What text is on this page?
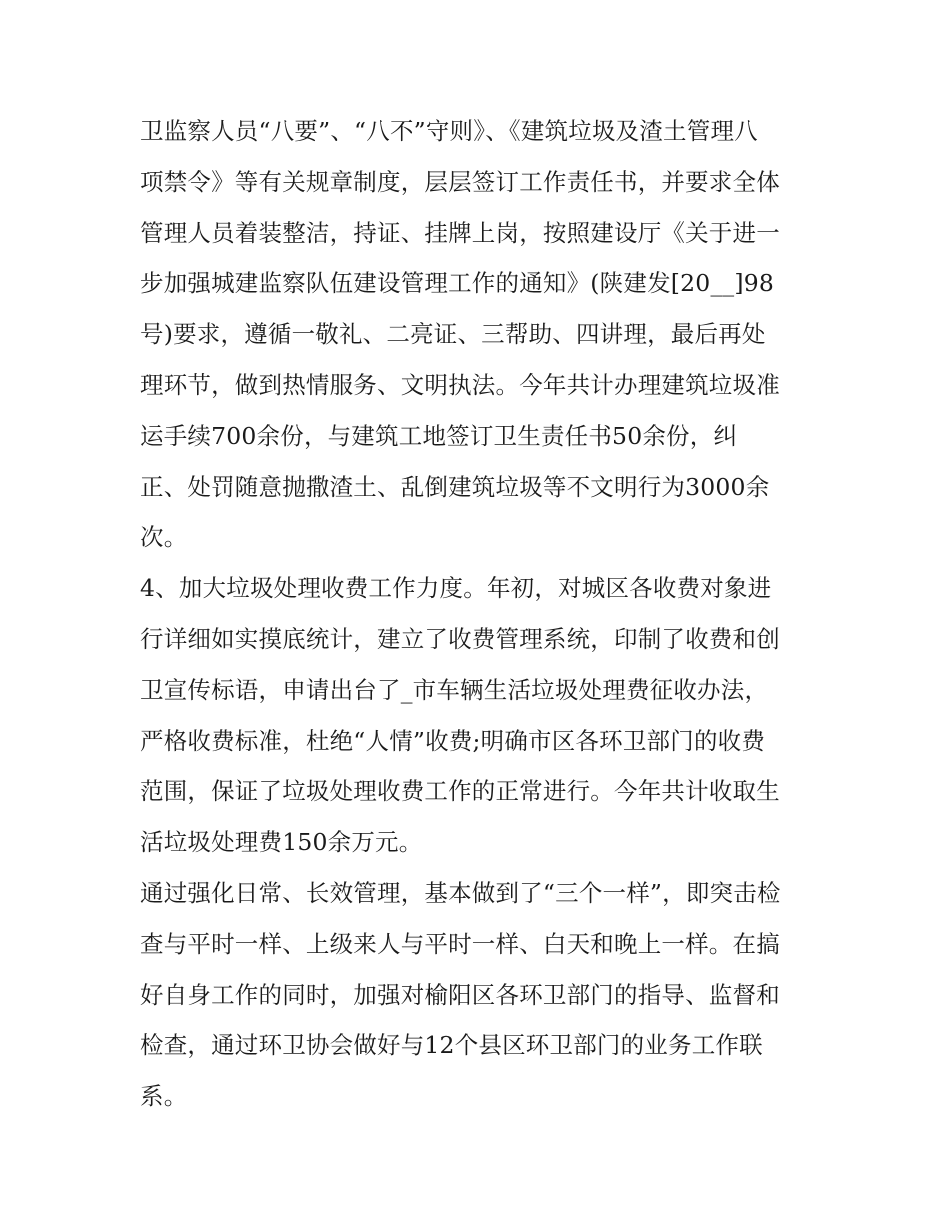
卫监察人员“八要”、“八不”守则》、《建筑垃圾及渣土管理八
项禁令》等有关规章制度，层层签订工作责任书，并要求全体
管理人员着装整洁，持证、挂牌上岗，按照建设厅《关于进一
步加强城建监察队伍建设管理工作的通知》(陕建发[20__]98
号)要求，遵循一敬礼、二亮证、三帮助、四讲理，最后再处
理环节，做到热情服务、文明执法。今年共计办理建筑垃圾准
运手续700余份，与建筑工地签订卫生责任书50余份，纠
正、处罚随意抛撒渣土、乱倒建筑垃圾等不文明行为3000余
次。
4、加大垃圾处理收费工作力度。年初，对城区各收费对象进
行详细如实摸底统计，建立了收费管理系统，印制了收费和创
卫宣传标语，申请出台了_市车辆生活垃圾处理费征收办法，
严格收费标准，杜绝“人情”收费;明确市区各环卫部门的收费
范围，保证了垃圾处理收费工作的正常进行。今年共计收取生
活垃圾处理费150余万元。
通过强化日常、长效管理，基本做到了“三个一样”，即突击检
查与平时一样、上级来人与平时一样、白天和晚上一样。在搞
好自身工作的同时，加强对榆阳区各环卫部门的指导、监督和
检查，通过环卫协会做好与12个县区环卫部门的业务工作联
系。
